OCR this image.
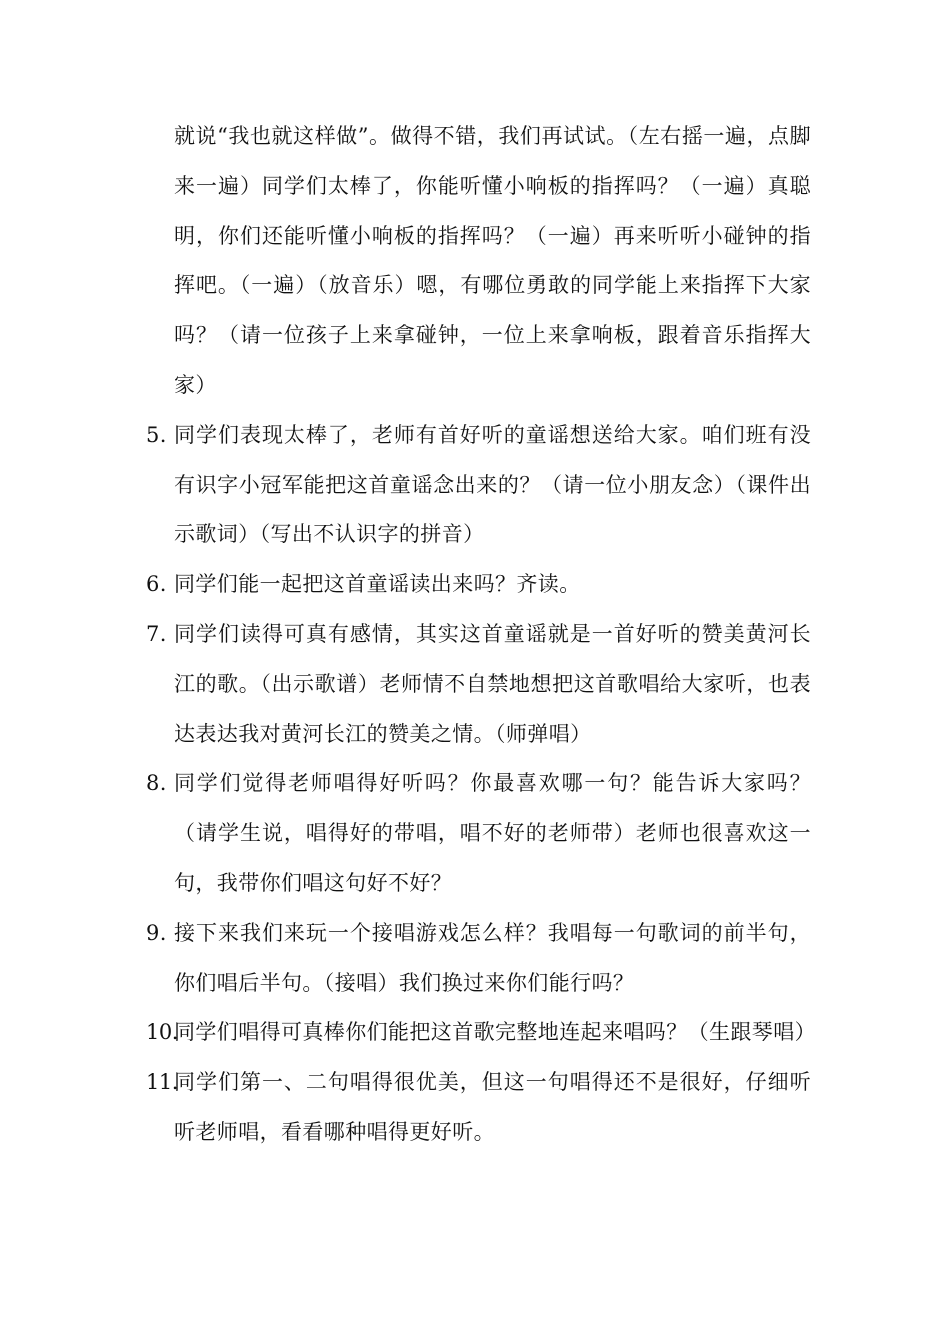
就说“我也就这样做”。做得不错，我们再试试。（左右摇一遍，点脚来一遍）同学们太棒了，你能听懂小响板的指挥吗？（一遍）真聪明，你们还能听懂小响板的指挥吗？（一遍）再来听听小碰钟的指挥吧。（一遍）（放音乐）嗯，有哪位勇敢的同学能上来指挥下大家吗？（请一位孩子上来拿碰钟，一位上来拿响板，跟着音乐指挥大家）

5. 同学们表现太棒了，老师有首好听的童谣想送给大家。咱们班有没有识字小冠军能把这首童谣念出来的？（请一位小朋友念）（课件出示歌词）（写出不认识字的拼音）
6. 同学们能一起把这首童谣读出来吗？齐读。
7. 同学们读得可真有感情，其实这首童谣就是一首好听的赞美黄河长江的歌。（出示歌谱）老师情不自禁地想把这首歌唱给大家听，也表达表达我对黄河长江的赞美之情。（师弹唱）
8. 同学们觉得老师唱得好听吗？你最喜欢哪一句？能告诉大家吗？（请学生说，唱得好的带唱，唱不好的老师带）老师也很喜欢这一句，我带你们唱这句好不好？
9. 接下来我们来玩一个接唱游戏怎么样？我唱每一句歌词的前半句，你们唱后半句。（接唱）我们换过来你们能行吗？
10.
同学们唱得可真棒你们能把这首歌完整地连起来唱吗？（生跟琴唱）
11.
同学们第一、二句唱得很优美，但这一句唱得还不是很好，仔细听听老师唱，看看哪种唱得更好听。
